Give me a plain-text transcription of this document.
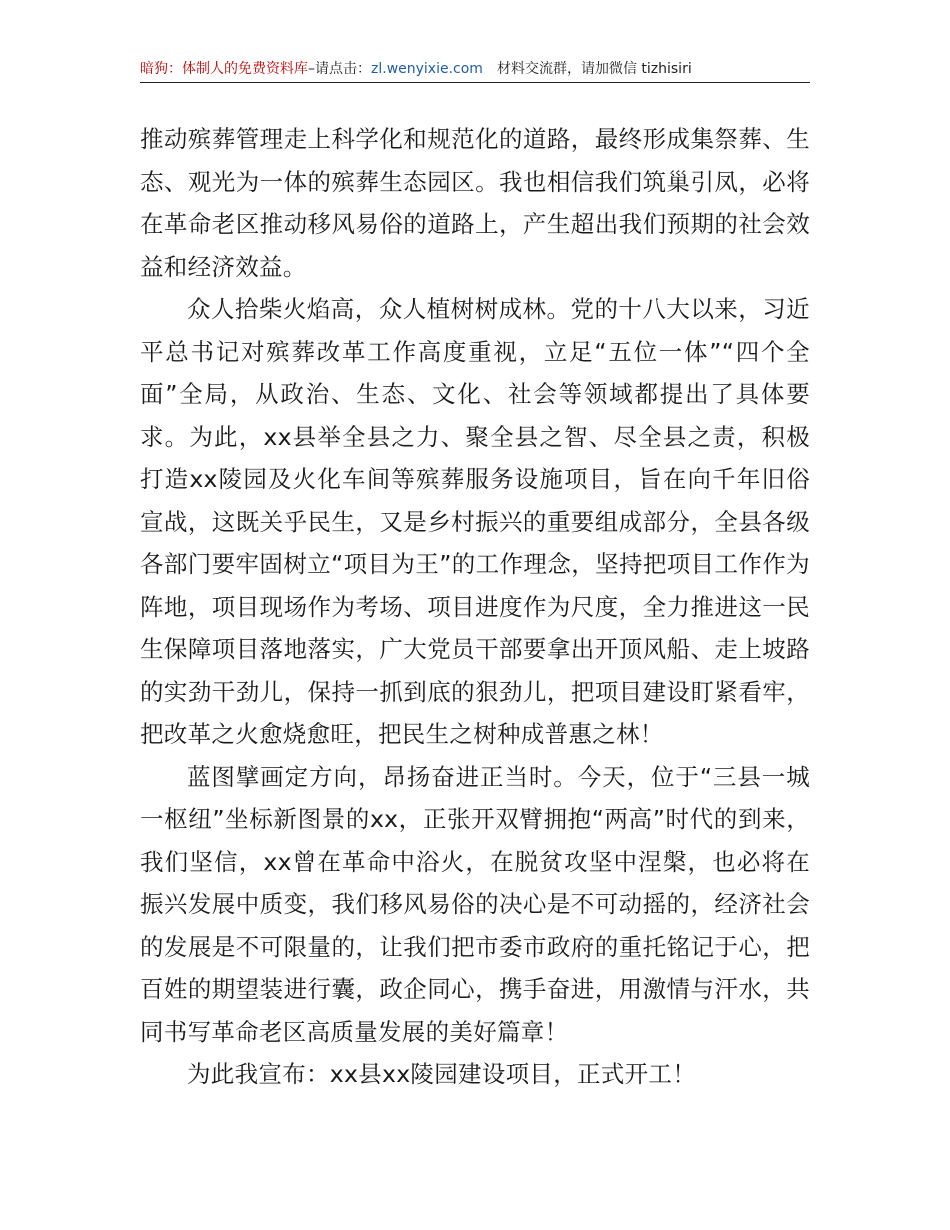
暗狗：体制人的免费资料库–请点击：zl.wenyixie.com 材料交流群，请加微信 tizhisiri

推动殡葬管理走上科学化和规范化的道路，最终形成集祭葬、生态、观光为一体的殡葬生态园区。我也相信我们筑巢引凤，必将在革命老区推动移风易俗的道路上，产生超出我们预期的社会效益和经济效益。

众人拾柴火焰高，众人植树树成林。党的十八大以来，习近平总书记对殡葬改革工作高度重视，立足“五位一体”“四个全面”全局，从政治、生态、文化、社会等领域都提出了具体要求。为此，xx县举全县之力、聚全县之智、尽全县之责，积极打造xx陵园及火化车间等殡葬服务设施项目，旨在向千年旧俗宣战，这既关乎民生，又是乡村振兴的重要组成部分，全县各级各部门要牢固树立“项目为王”的工作理念，坚持把项目工作作为阵地，项目现场作为考场、项目进度作为尺度，全力推进这一民生保障项目落地落实，广大党员干部要拿出开顶风船、走上坡路的实劲干劲儿，保持一抓到底的狠劲儿，把项目建设盯紧看牢，把改革之火愈烧愈旺，把民生之树种成普惠之林！

蓝图擘画定方向，昂扬奋进正当时。今天，位于“三县一城一枢纽”坐标新图景的xx，正张开双臂拥抱“两高”时代的到来，我们坚信，xx曾在革命中浴火，在脱贫攻坚中涅槃，也必将在振兴发展中质变，我们移风易俗的决心是不可动摇的，经济社会的发展是不可限量的，让我们把市委市政府的重托铭记于心，把百姓的期望装进行囊，政企同心，携手奋进，用激情与汗水，共同书写革命老区高质量发展的美好篇章！

为此我宣布：xx县xx陵园建设项目，正式开工！
